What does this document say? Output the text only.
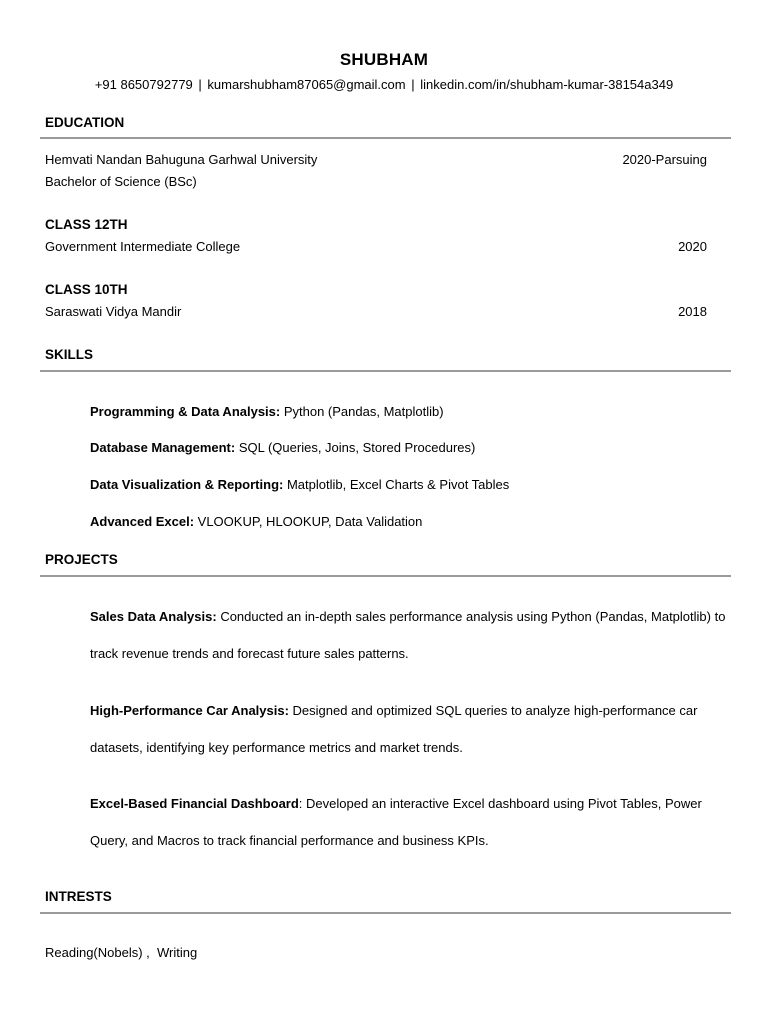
SHUBHAM
+91 8650792779 | kumarshubham87065@gmail.com | linkedin.com/in/shubham-kumar-38154a349
EDUCATION
Hemvati Nandan Bahuguna Garhwal University	2020-Parsuing
Bachelor of Science (BSc)
CLASS 12TH
Government Intermediate College	2020
CLASS 10TH
Saraswati Vidya Mandir	2018
SKILLS
Programming & Data Analysis: Python (Pandas, Matplotlib)
Database Management: SQL (Queries, Joins, Stored Procedures)
Data Visualization & Reporting: Matplotlib, Excel Charts & Pivot Tables
Advanced Excel: VLOOKUP, HLOOKUP, Data Validation
PROJECTS
Sales Data Analysis: Conducted an in-depth sales performance analysis using Python (Pandas, Matplotlib) to track revenue trends and forecast future sales patterns.
High-Performance Car Analysis: Designed and optimized SQL queries to analyze high-performance car datasets, identifying key performance metrics and market trends.
Excel-Based Financial Dashboard: Developed an interactive Excel dashboard using Pivot Tables, Power Query, and Macros to track financial performance and business KPIs.
INTRESTS
Reading(Nobels) ,  Writing
